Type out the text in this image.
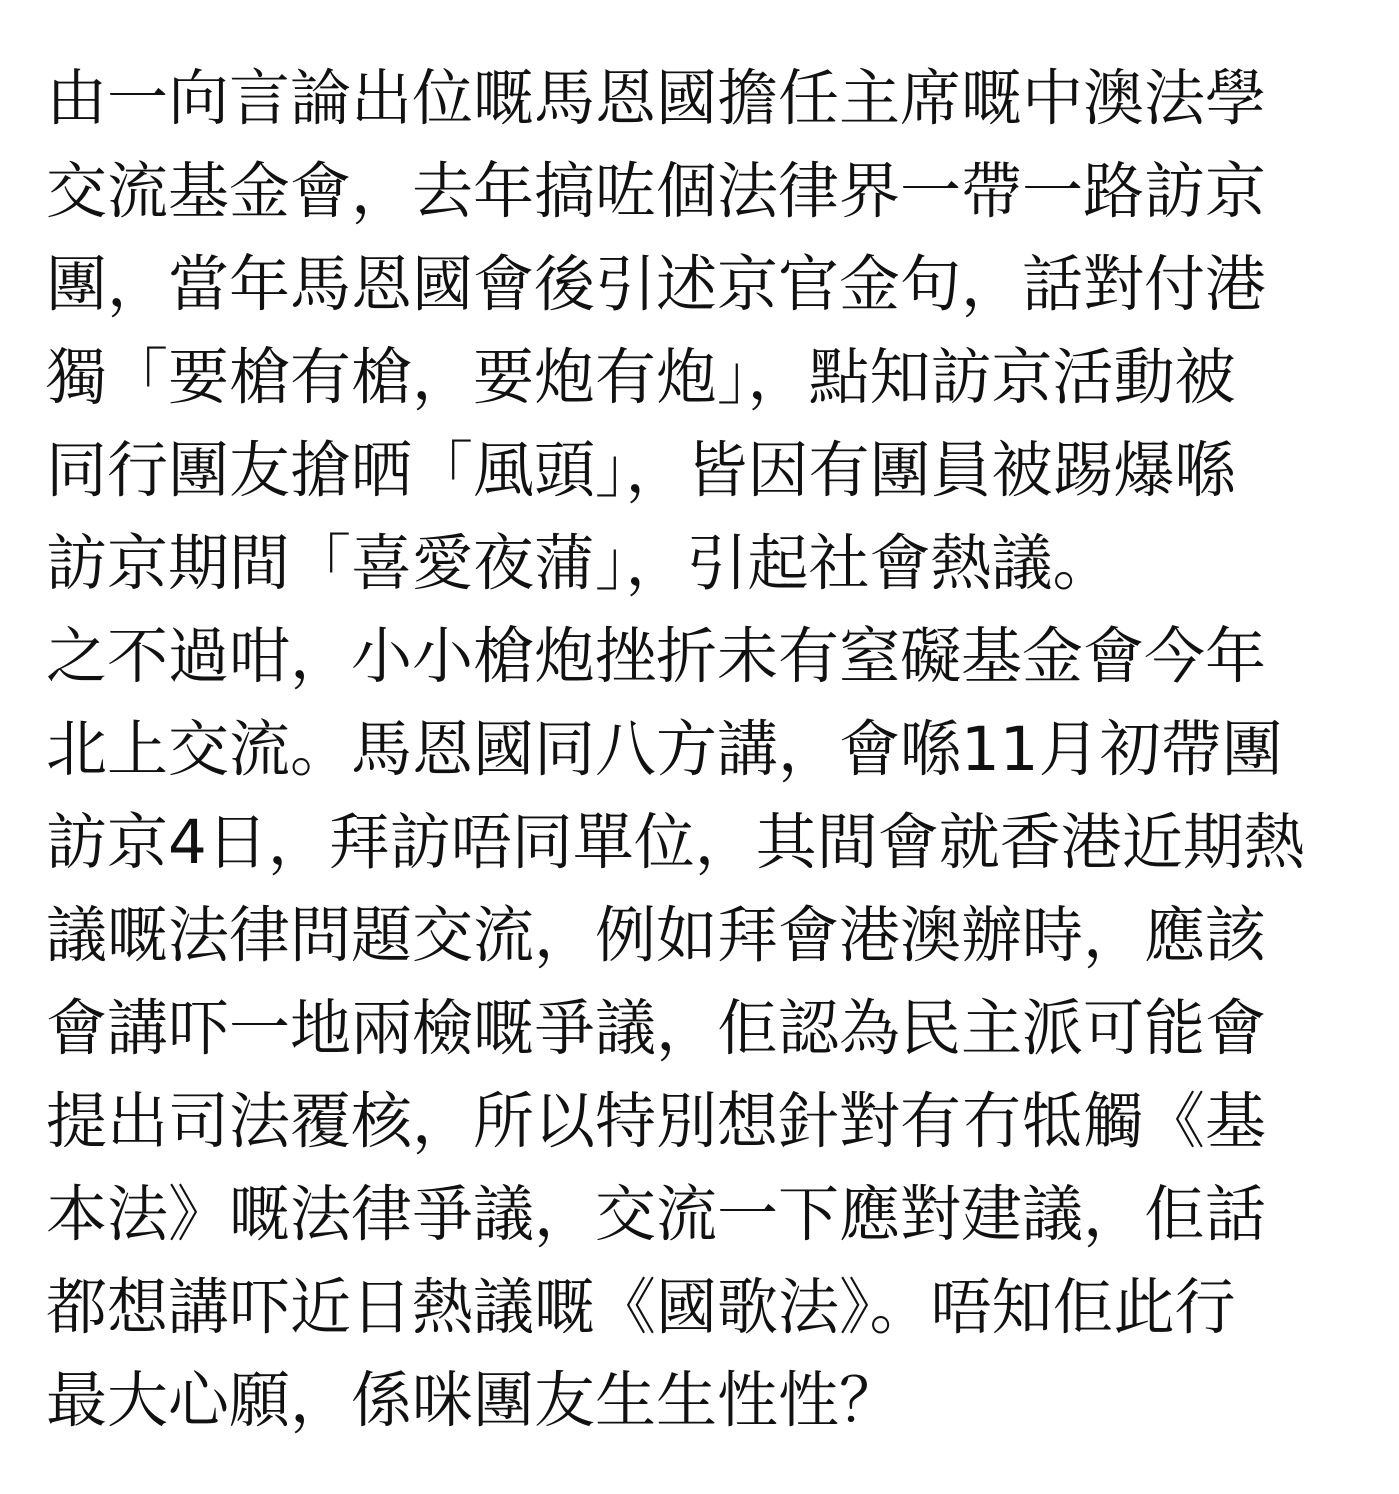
由一向言論出位嘅馬恩國擔任主席嘅中澳法學
交流基金會，去年搞咗個法律界一帶一路訪京
團，當年馬恩國會後引述京官金句，話對付港
獨「要槍有槍，要炮有炮」，點知訪京活動被
同行團友搶晒「風頭」，皆因有團員被踢爆喺
訪京期間「喜愛夜蒲」，引起社會熱議。
之不過咁，小小槍炮挫折未有窒礙基金會今年
北上交流。馬恩國同八方講，會喺11月初帶團
訪京4日，拜訪唔同單位，其間會就香港近期熱
議嘅法律問題交流，例如拜會港澳辦時，應該
會講吓一地兩檢嘅爭議，佢認為民主派可能會
提出司法覆核，所以特別想針對有冇牴觸《基
本法》嘅法律爭議，交流一下應對建議，佢話
都想講吓近日熱議嘅《國歌法》。唔知佢此行
最大心願，係咪團友生生性性？
